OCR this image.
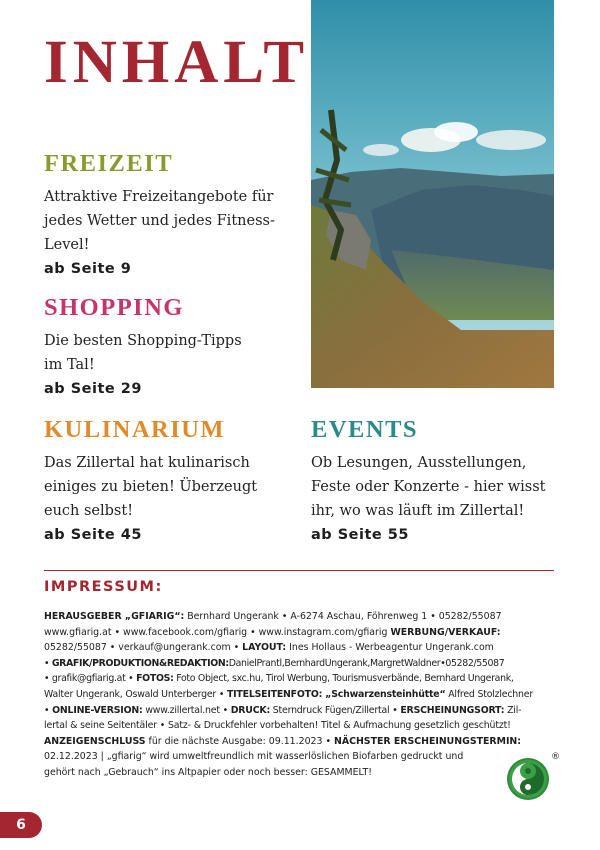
INHALT
FREIZEIT
Attraktive Freizeitangebote für
jedes Wetter und jedes Fitness-
Level!
ab Seite 9
SHOPPING
Die besten Shopping-Tipps
im Tal!
ab Seite 29
KULINARIUM
Das Zillertal hat kulinarisch
einiges zu bieten! Überzeugt
euch selbst!
ab Seite 45
EVENTS
Ob Lesungen, Ausstellungen,
Feste oder Konzerte - hier wisst
ihr, wo was läuft im Zillertal!
ab Seite 55
IMPRESSUM:
HERAUSGEBER „GFIARIG“: Bernhard Ungerank • A-6274 Aschau, Föhrenweg 1 • 05282/55087
www.gfiarig.at • www.facebook.com/gfiarig • www.instagram.com/gfiarig WERBUNG/VERKAUF:
05282/55087 • verkauf@ungerank.com • LAYOUT: Ines Hollaus - Werbeagentur Ungerank.com
• GRAFIK/PRODUKTION&REDAKTION:DanielPrantl,BernhardUngerank,MargretWaldner•05282/55087
• grafik@gfiarig.at • FOTOS: Foto Object, sxc.hu, Tirol Werbung, Tourismusverbände, Bernhard Ungerank,
Walter Ungerank, Oswald Unterberger • TITELSEITENFOTO: „Schwarzensteinhütte“ Alfred Stolzlechner
• ONLINE-VERSION: www.zillertal.net • DRUCK: Sterndruck Fügen/Zillertal • ERSCHEINUNGSORT: Zil-
lertal & seine Seitentäler • Satz- & Druckfehler vorbehalten! Titel & Aufmachung gesetzlich geschützt!
ANZEIGENSCHLUSS für die nächste Ausgabe: 09.11.2023 • NÄCHSTER ERSCHEINUNGSTERMIN:
02.12.2023 | „gfiarig“ wird umweltfreundlich mit wasserlöslichen Biofarben gedruckt und
gehört nach „Gebrauch“ ins Altpapier oder noch besser: GESAMMELT!
®
6
